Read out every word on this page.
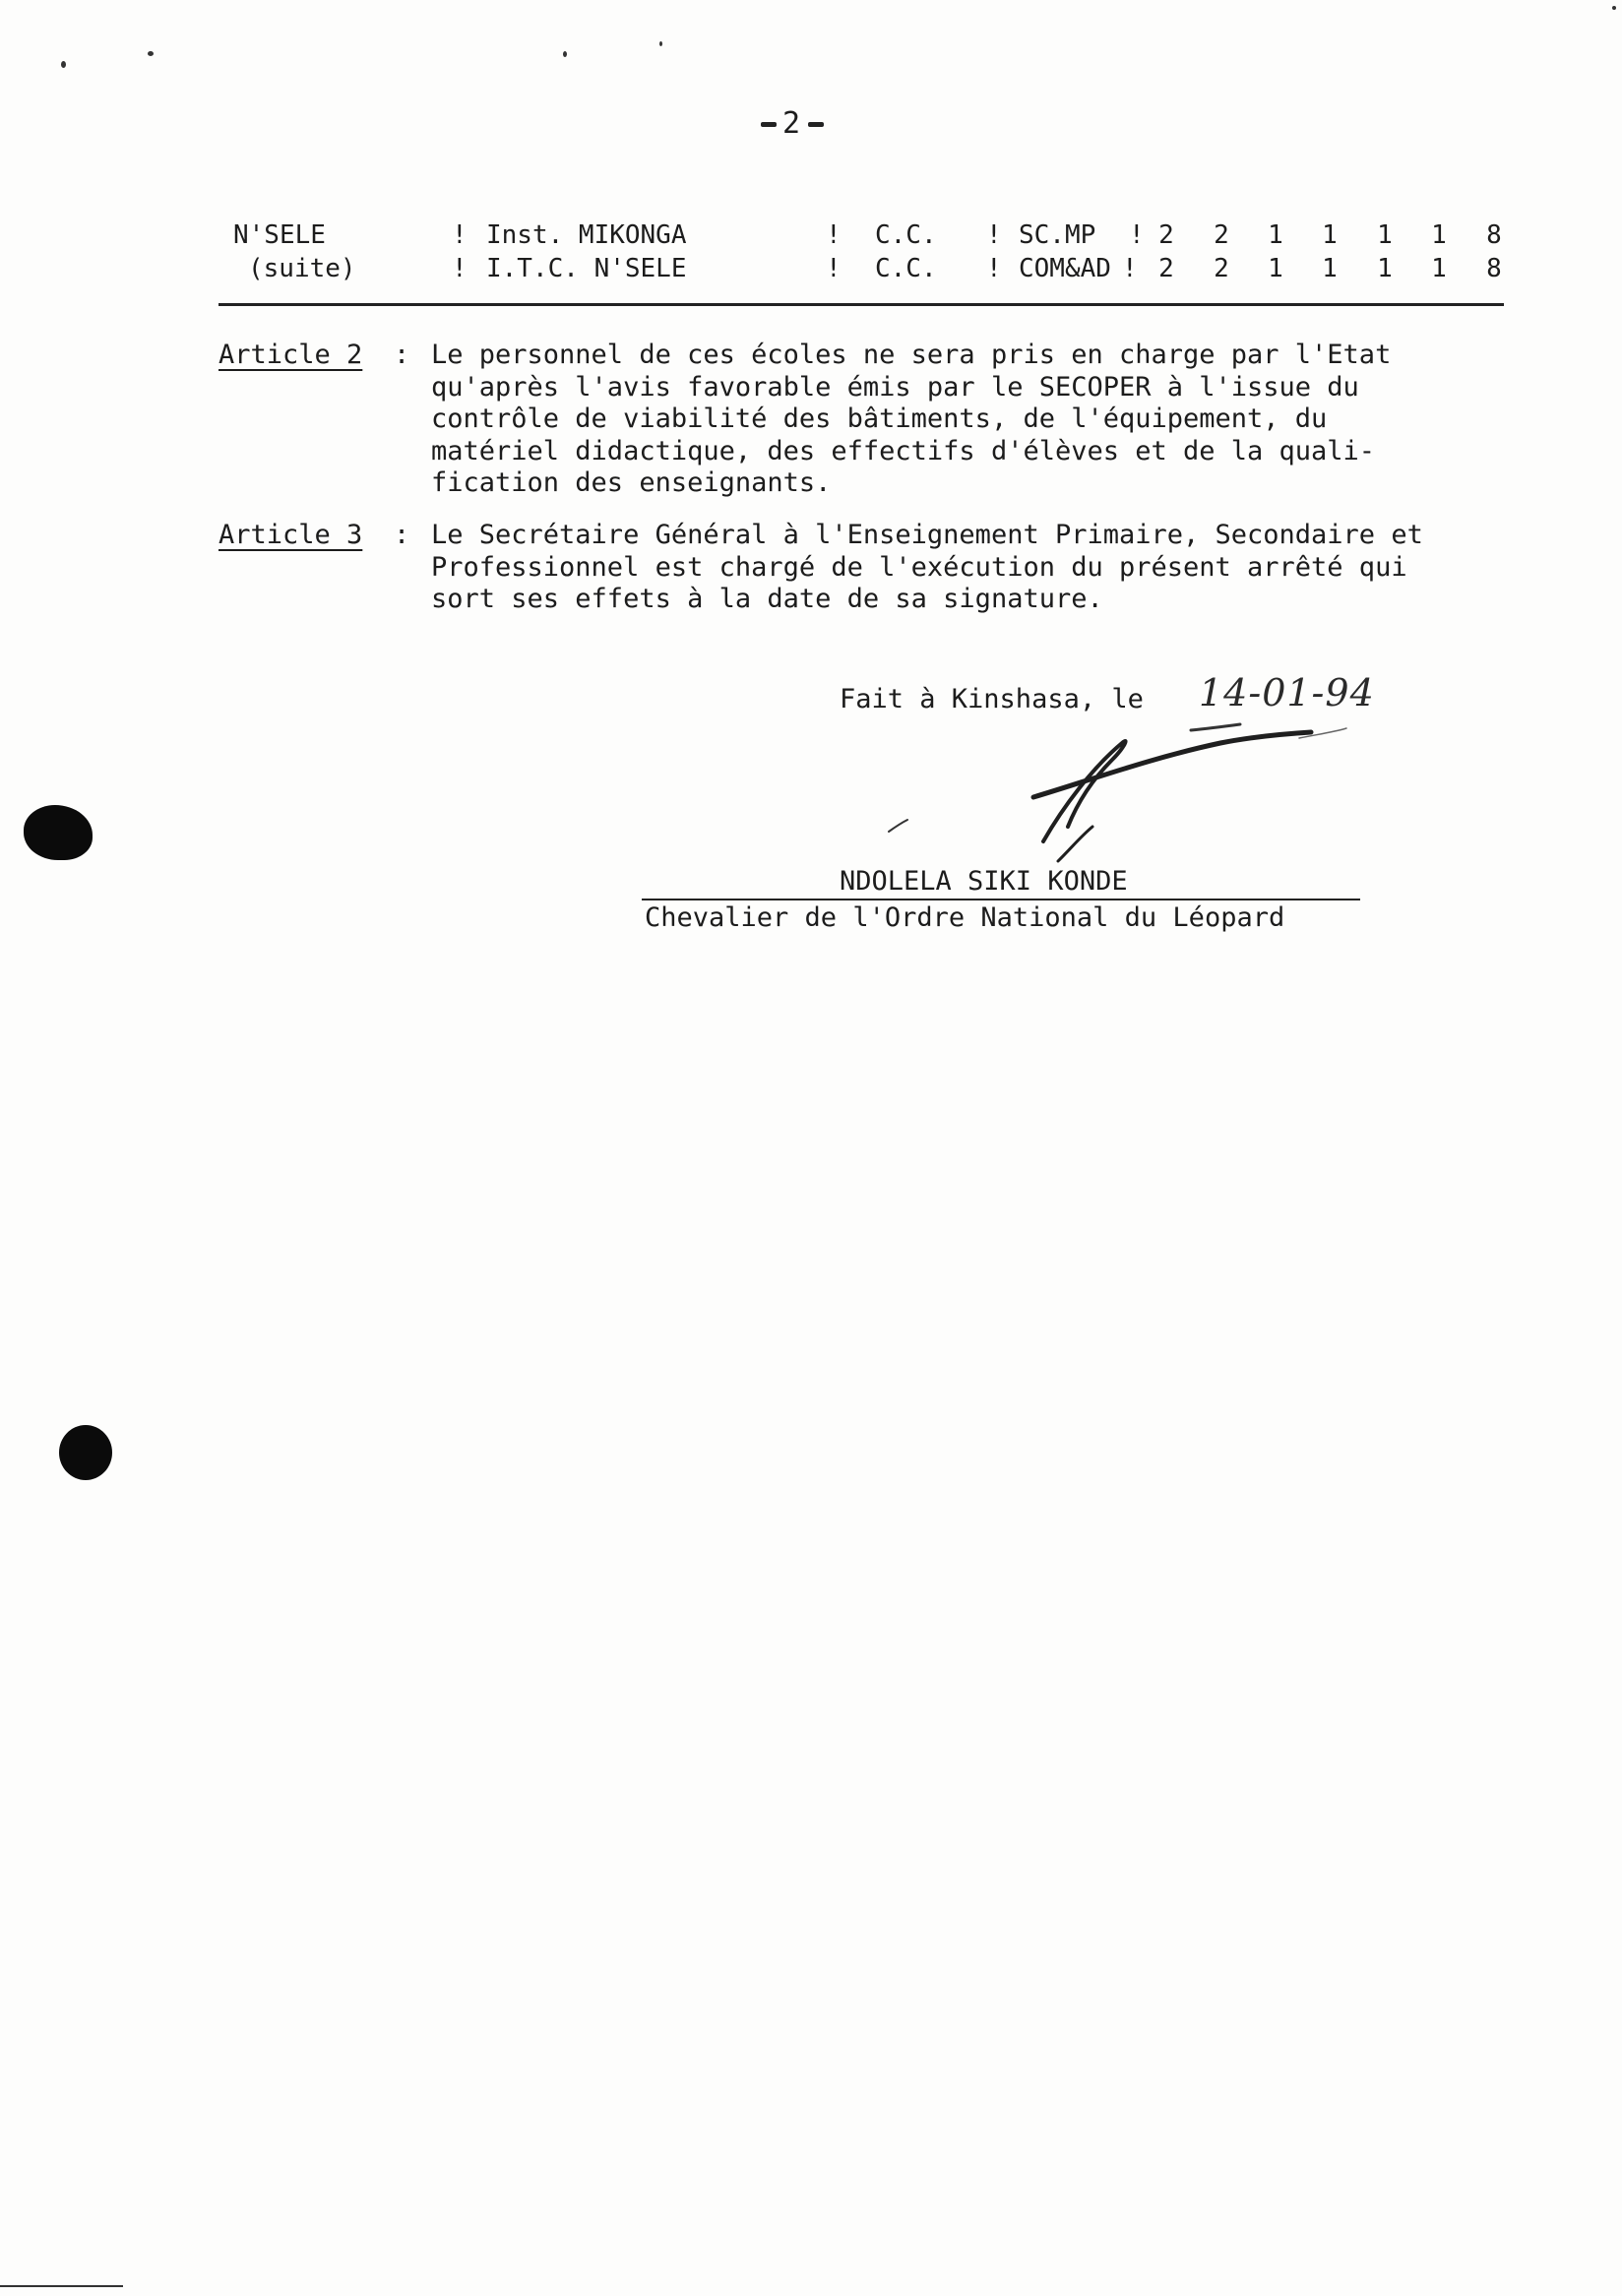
2
N'SELE	! Inst. MIKONGA	! C.C. ! SC.MP ! 2 2 1 1 1 1 8
(suite)	! I.T.C. N'SELE	! C.C. ! COM&AD ! 2 2 1 1 1 1 8
Article 2 : Le personnel de ces écoles ne sera pris en charge par l'Etat
qu'après l'avis favorable émis par le SECOPER à l'issue du
contrôle de viabilité des bâtiments, de l'équipement, du
matériel didactique, des effectifs d'élèves et de la quali-
fication des enseignants.
Article 3 : Le Secrétaire Général à l'Enseignement Primaire, Secondaire et
Professionnel est chargé de l'exécution du présent arrêté qui
sort ses effets à la date de sa signature.
Fait à Kinshasa, le 14-01-94
NDOLELA SIKI KONDE
Chevalier de l'Ordre National du Léopard
